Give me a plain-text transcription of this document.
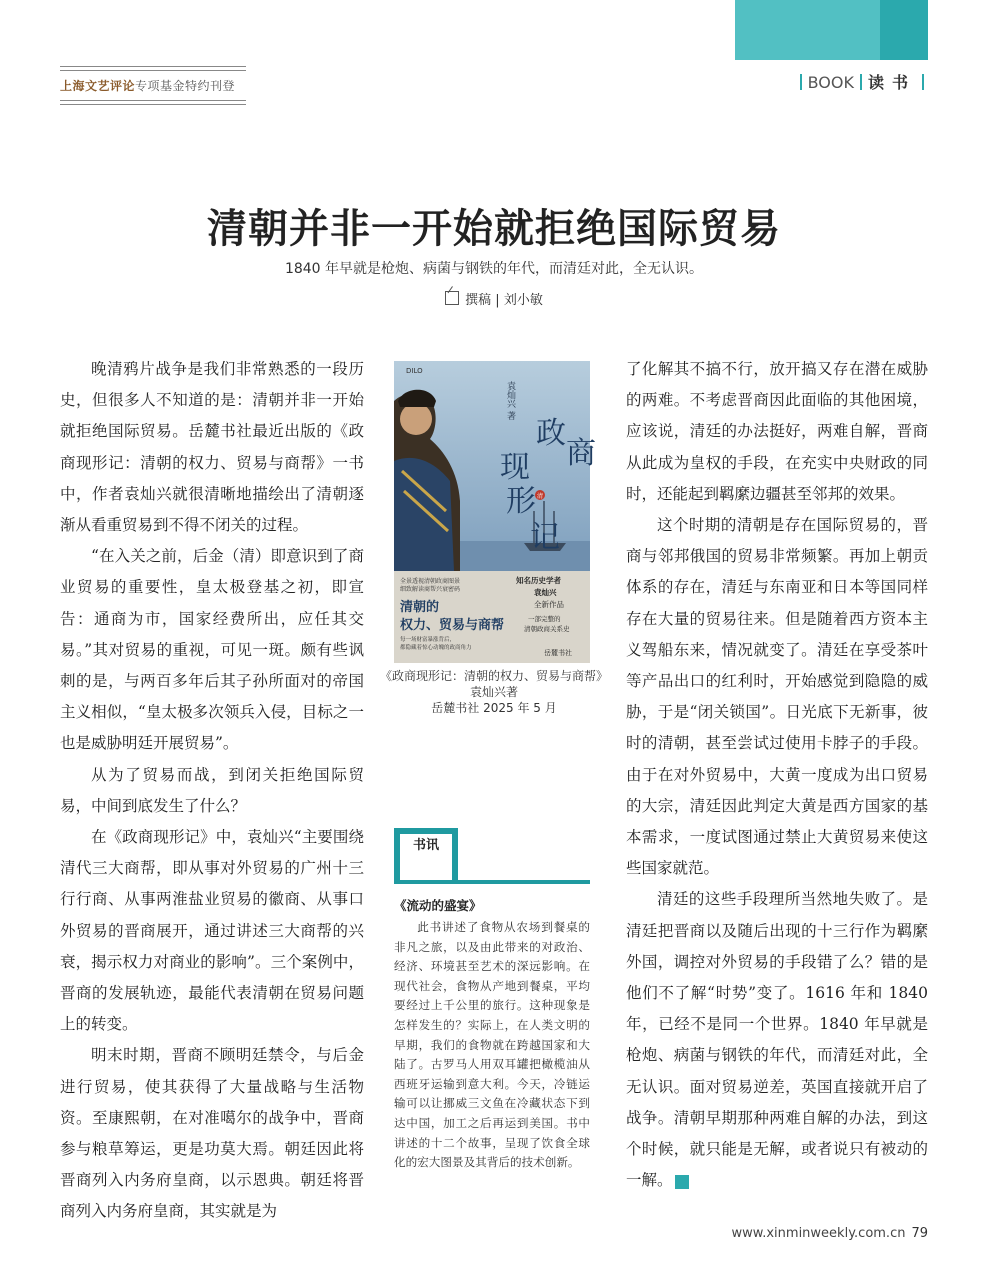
上海文艺评论专项基金特约刊登	BOOK 读书
清朝并非一开始就拒绝国际贸易
1840 年早就是枪炮、病菌与钢铁的年代，而清廷对此，全无认识。
撰稿 | 刘小敏

晚清鸦片战争是我们非常熟悉的一段历史，但很多人不知道的是：清朝并非一开始就拒绝国际贸易。岳麓书社最近出版的《政商现形记：清朝的权力、贸易与商帮》一书中，作者袁灿兴就很清晰地描绘出了清朝逐渐从看重贸易到不得不闭关的过程。

“在入关之前，后金（清）即意识到了商业贸易的重要性，皇太极登基之初，即宣告：通商为市，国家经费所出，应任其交易。”其对贸易的重视，可见一斑。颇有些讽刺的是，与两百多年后其子孙所面对的帝国主义相似，“皇太极多次领兵入侵，目标之一也是威胁明廷开展贸易”。

从为了贸易而战，到闭关拒绝国际贸易，中间到底发生了什么？

在《政商现形记》中，袁灿兴“主要围绕清代三大商帮，即从事对外贸易的广州十三行行商、从事两淮盐业贸易的徽商、从事口外贸易的晋商展开，通过讲述三大商帮的兴衰，揭示权力对商业的影响”。三个案例中，晋商的发展轨迹，最能代表清朝在贸易问题上的转变。

明末时期，晋商不顾明廷禁令，与后金进行贸易，使其获得了大量战略与生活物资。至康熙朝，在对准噶尔的战争中，晋商参与粮草筹运，更是功莫大焉。朝廷因此将晋商列入内务府皇商，以示恩典。朝廷将晋商列入内务府皇商，其实就是为

清
袁灿兴 著
DILO
政
商
现
形
记
全景透视清朝政商图景
细致解读商帮兴衰密码
清朝的
权力、贸易与商帮
每一场财富暴涨背后，
都隐藏着惊心动魄的政商角力
知名历史学者
袁灿兴
全新作品
一部完整的
清朝政商关系史
岳麓书社
《政商现形记：清朝的权力、贸易与商帮》
袁灿兴著
岳麓书社 2025 年 5 月
书讯
《流动的盛宴》

此书讲述了食物从农场到餐桌的非凡之旅，以及由此带来的对政治、经济、环境甚至艺术的深远影响。在现代社会，食物从产地到餐桌，平均要经过上千公里的旅行。这种现象是怎样发生的？实际上，在人类文明的早期，我们的食物就在跨越国家和大陆了。古罗马人用双耳罐把橄榄油从西班牙运输到意大利。今天，冷链运输可以让挪威三文鱼在冷藏状态下到达中国，加工之后再运到美国。书中讲述的十二个故事，呈现了饮食全球化的宏大图景及其背后的技术创新。

了化解其不搞不行，放开搞又存在潜在威胁的两难。不考虑晋商因此面临的其他困境，应该说，清廷的办法挺好，两难自解，晋商从此成为皇权的手段，在充实中央财政的同时，还能起到羁縻边疆甚至邻邦的效果。

这个时期的清朝是存在国际贸易的，晋商与邻邦俄国的贸易非常频繁。再加上朝贡体系的存在，清廷与东南亚和日本等国同样存在大量的贸易往来。但是随着西方资本主义驾船东来，情况就变了。清廷在享受茶叶等产品出口的红利时，开始感觉到隐隐的威胁，于是“闭关锁国”。日光底下无新事，彼时的清朝，甚至尝试过使用卡脖子的手段。由于在对外贸易中，大黄一度成为出口贸易的大宗，清廷因此判定大黄是西方国家的基本需求，一度试图通过禁止大黄贸易来使这些国家就范。

清廷的这些手段理所当然地失败了。是清廷把晋商以及随后出现的十三行作为羁縻外国，调控对外贸易的手段错了么？错的是他们不了解“时势”变了。1616 年和 1840 年，已经不是同一个世界。1840 年早就是枪炮、病菌与钢铁的年代，而清廷对此，全无认识。面对贸易逆差，英国直接就开启了战争。清朝早期那种两难自解的办法，到这个时候，就只能是无解，或者说只有被动的一解。	民

www.xinminweekly.com.cn 79
